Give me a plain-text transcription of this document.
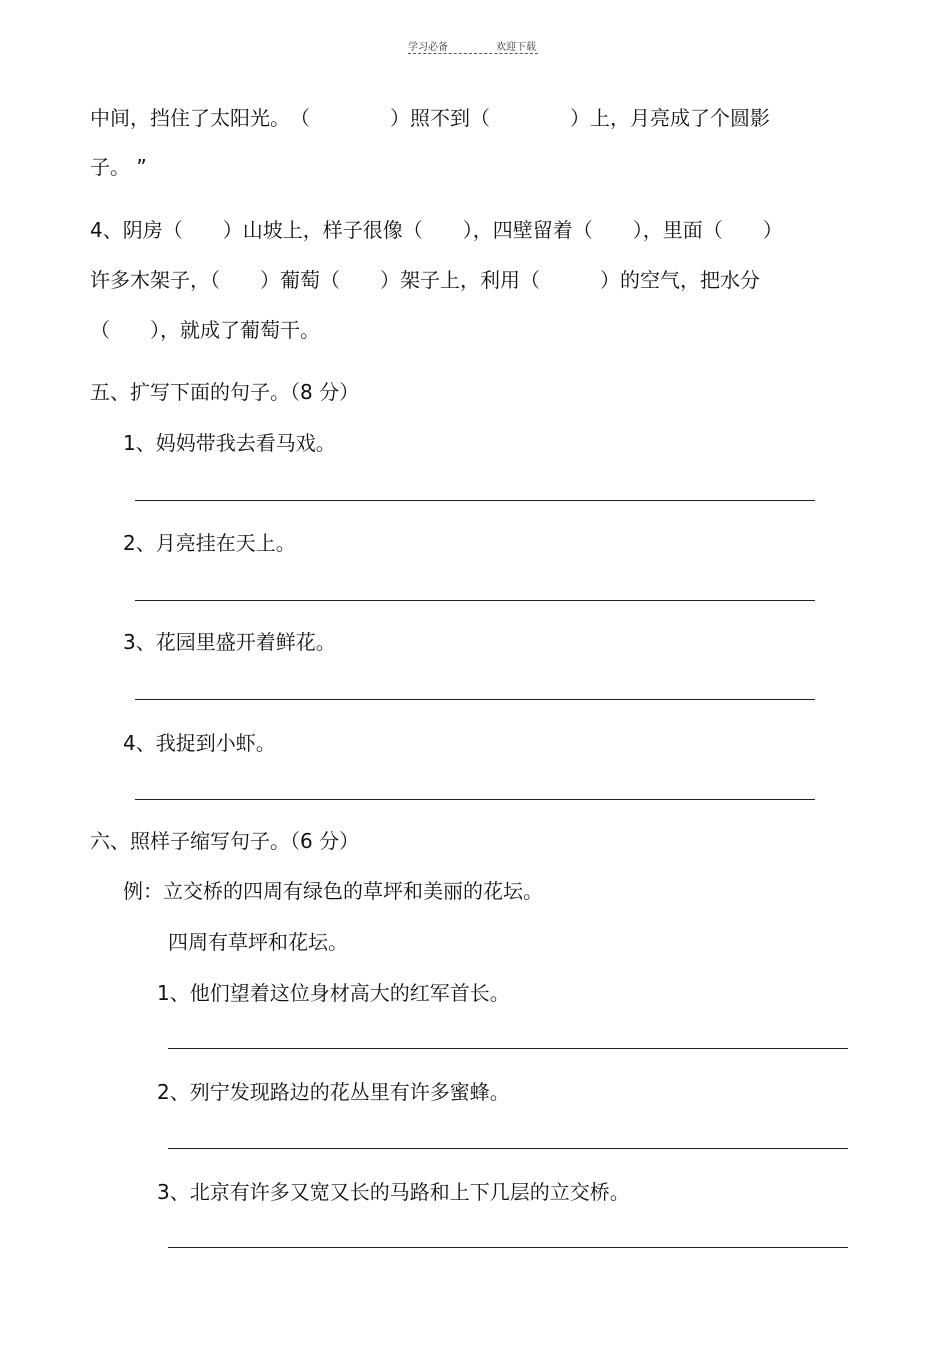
学习必备	欢迎下载
中间，挡住了太阳光。　（　　　　）照不到（　　　　）上，月亮成了个圆影
子。 ”
4、阴房（　　）山坡上，样子很像（　　），四壁留着（　　），里面（　　）
许多木架子，（　　）葡萄（　　）架子上，利用（　　　）的空气，把水分
（　　），就成了葡萄干。
五、扩写下面的句子。（8 分）
1、妈妈带我去看马戏。
2、月亮挂在天上。
3、花园里盛开着鲜花。
4、我捉到小虾。
六、照样子缩写句子。（6 分）
例：立交桥的四周有绿色的草坪和美丽的花坛。
四周有草坪和花坛。
1、他们望着这位身材高大的红军首长。
2、列宁发现路边的花丛里有许多蜜蜂。
3、北京有许多又宽又长的马路和上下几层的立交桥。
